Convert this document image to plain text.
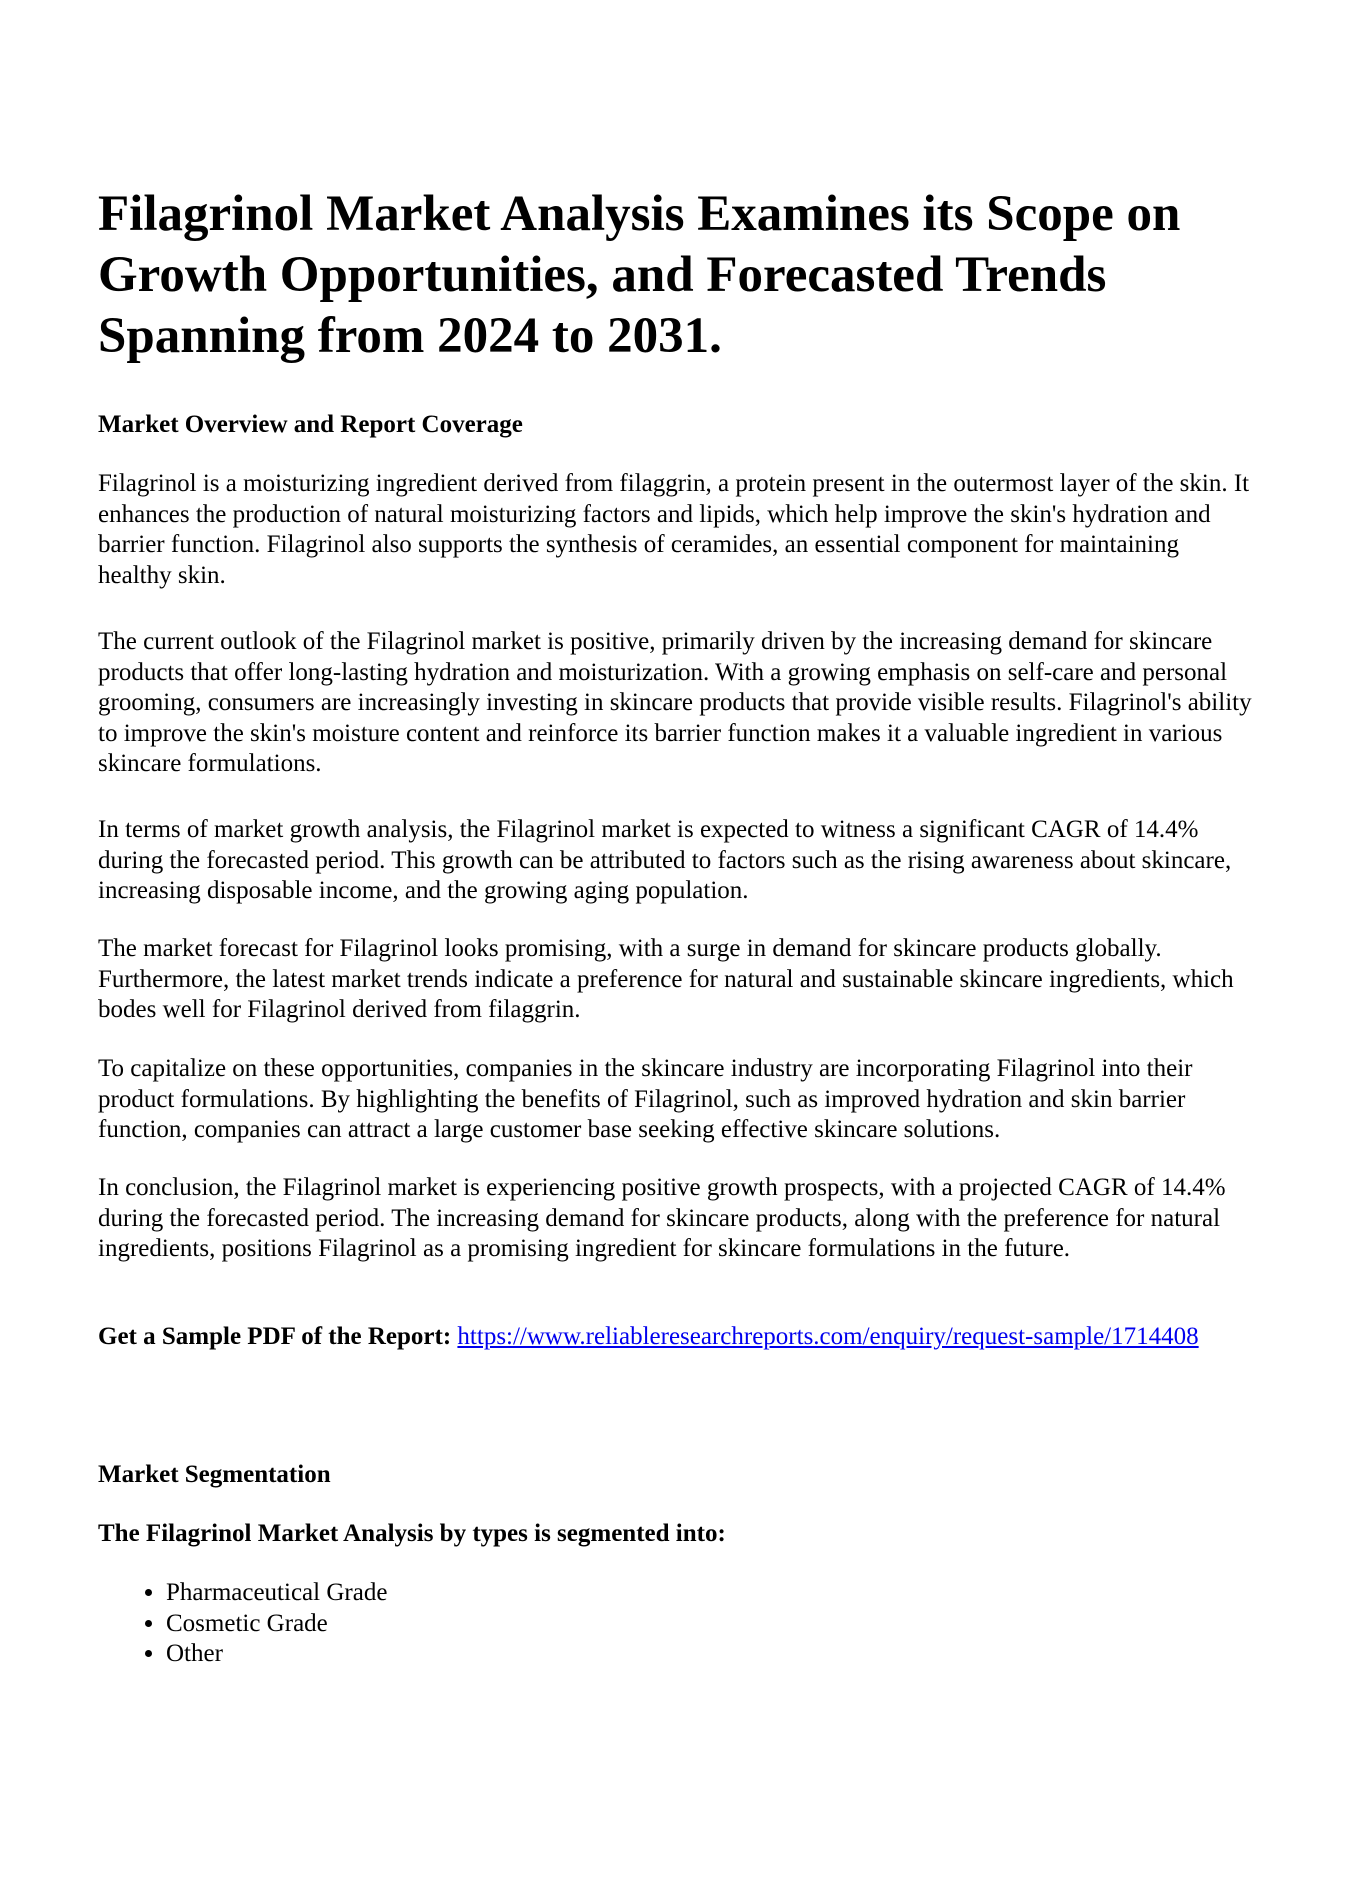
Filagrinol Market Analysis Examines its Scope on Growth Opportunities, and Forecasted Trends Spanning from 2024 to 2031.
Market Overview and Report Coverage

Filagrinol is a moisturizing ingredient derived from filaggrin, a protein present in the outermost layer of the skin. It enhances the production of natural moisturizing factors and lipids, which help improve the skin's hydration and barrier function. Filagrinol also supports the synthesis of ceramides, an essential component for maintaining healthy skin.

The current outlook of the Filagrinol market is positive, primarily driven by the increasing demand for skincare products that offer long-lasting hydration and moisturization. With a growing emphasis on self-care and personal grooming, consumers are increasingly investing in skincare products that provide visible results. Filagrinol's ability to improve the skin's moisture content and reinforce its barrier function makes it a valuable ingredient in various skincare formulations.

In terms of market growth analysis, the Filagrinol market is expected to witness a significant CAGR of 14.4% during the forecasted period. This growth can be attributed to factors such as the rising awareness about skincare, increasing disposable income, and the growing aging population.

The market forecast for Filagrinol looks promising, with a surge in demand for skincare products globally. Furthermore, the latest market trends indicate a preference for natural and sustainable skincare ingredients, which bodes well for Filagrinol derived from filaggrin.

To capitalize on these opportunities, companies in the skincare industry are incorporating Filagrinol into their product formulations. By highlighting the benefits of Filagrinol, such as improved hydration and skin barrier function, companies can attract a large customer base seeking effective skincare solutions.

In conclusion, the Filagrinol market is experiencing positive growth prospects, with a projected CAGR of 14.4% during the forecasted period. The increasing demand for skincare products, along with the preference for natural ingredients, positions Filagrinol as a promising ingredient for skincare formulations in the future.

Get a Sample PDF of the Report: https://www.reliableresearchreports.com/enquiry/request-sample/1714408

Market Segmentation
The Filagrinol Market Analysis by types is segmented into:
• Pharmaceutical Grade
• Cosmetic Grade
• Other
